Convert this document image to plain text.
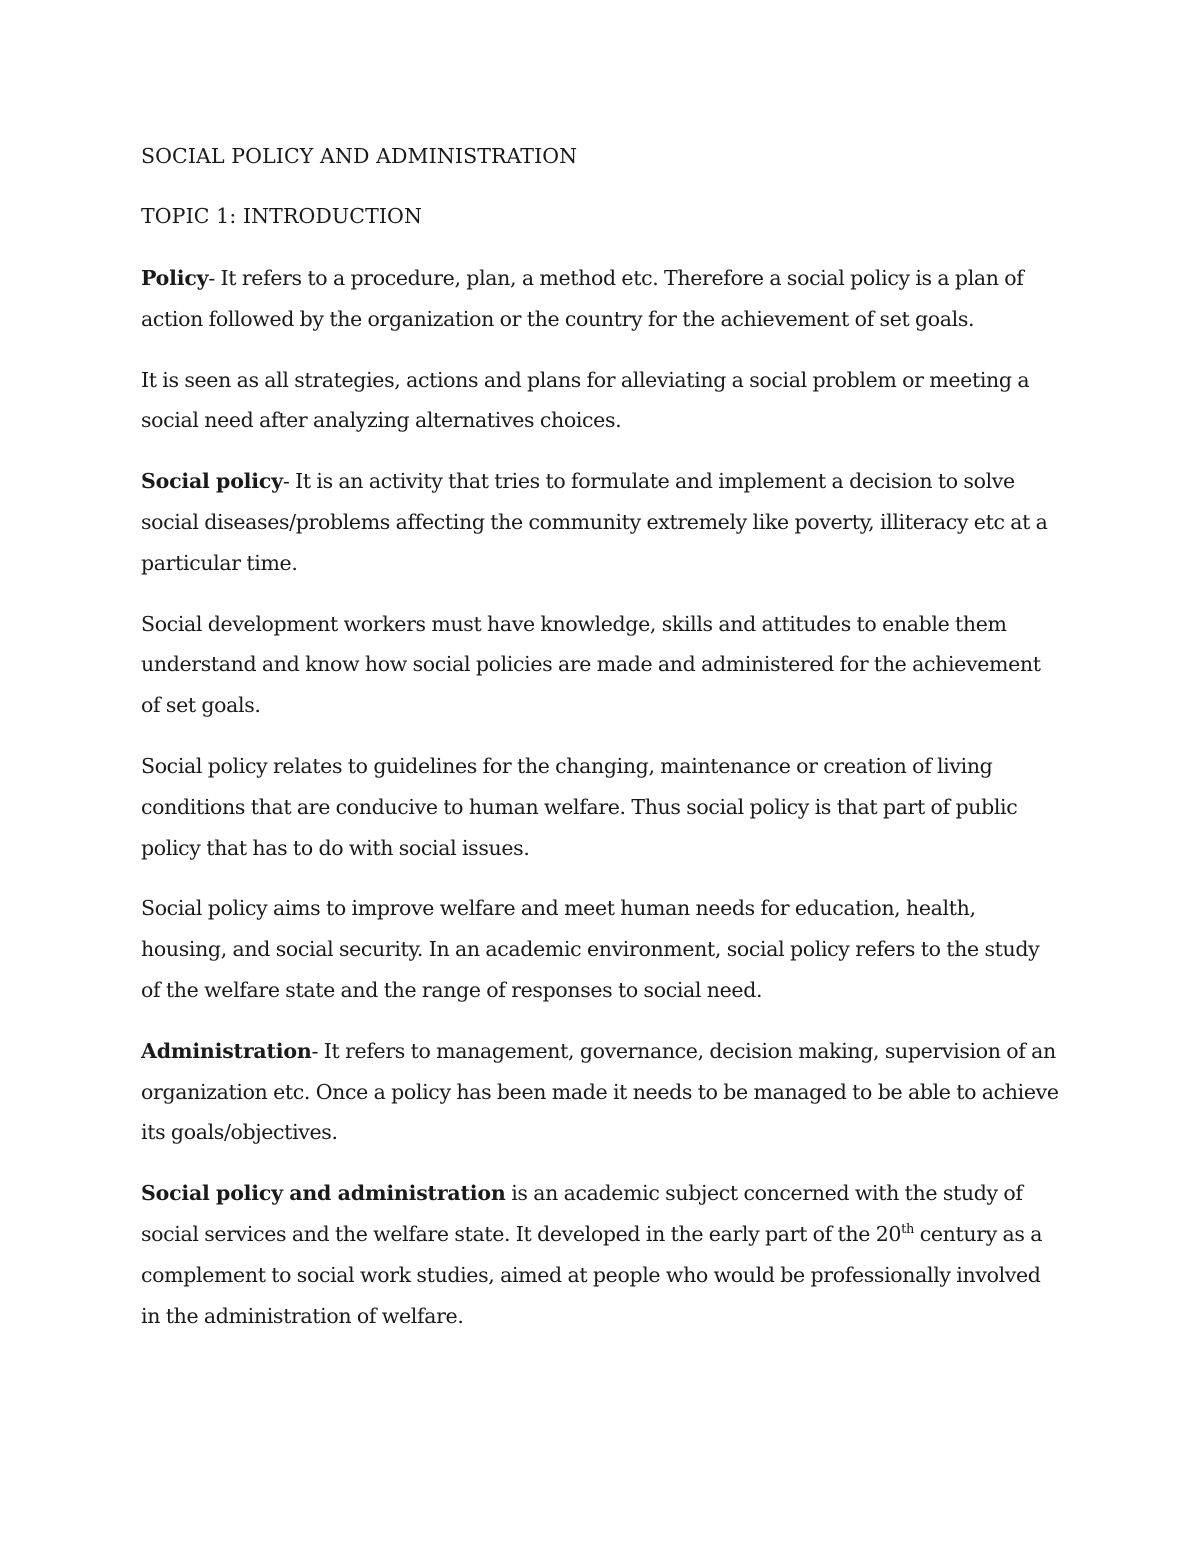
SOCIAL POLICY AND ADMINISTRATION
TOPIC 1: INTRODUCTION

Policy- It refers to a procedure, plan, a method etc. Therefore a social policy is a plan of action followed by the organization or the country for the achievement of set goals.

It is seen as all strategies, actions and plans for alleviating a social problem or meeting a social need after analyzing alternatives choices.

Social policy- It is an activity that tries to formulate and implement a decision to solve social diseases/problems affecting the community extremely like poverty, illiteracy etc at a particular time.

Social development workers must have knowledge, skills and attitudes to enable them understand and know how social policies are made and administered for the achievement of set goals.

Social policy relates to guidelines for the changing, maintenance or creation of living conditions that are conducive to human welfare. Thus social policy is that part of public policy that has to do with social issues.

Social policy aims to improve welfare and meet human needs for education, health, housing, and social security. In an academic environment, social policy refers to the study of the welfare state and the range of responses to social need.

Administration- It refers to management, governance, decision making, supervision of an organization etc. Once a policy has been made it needs to be managed to be able to achieve its goals/objectives.

Social policy and administration is an academic subject concerned with the study of social services and the welfare state. It developed in the early part of the 20th century as a complement to social work studies, aimed at people who would be professionally involved in the administration of welfare.
